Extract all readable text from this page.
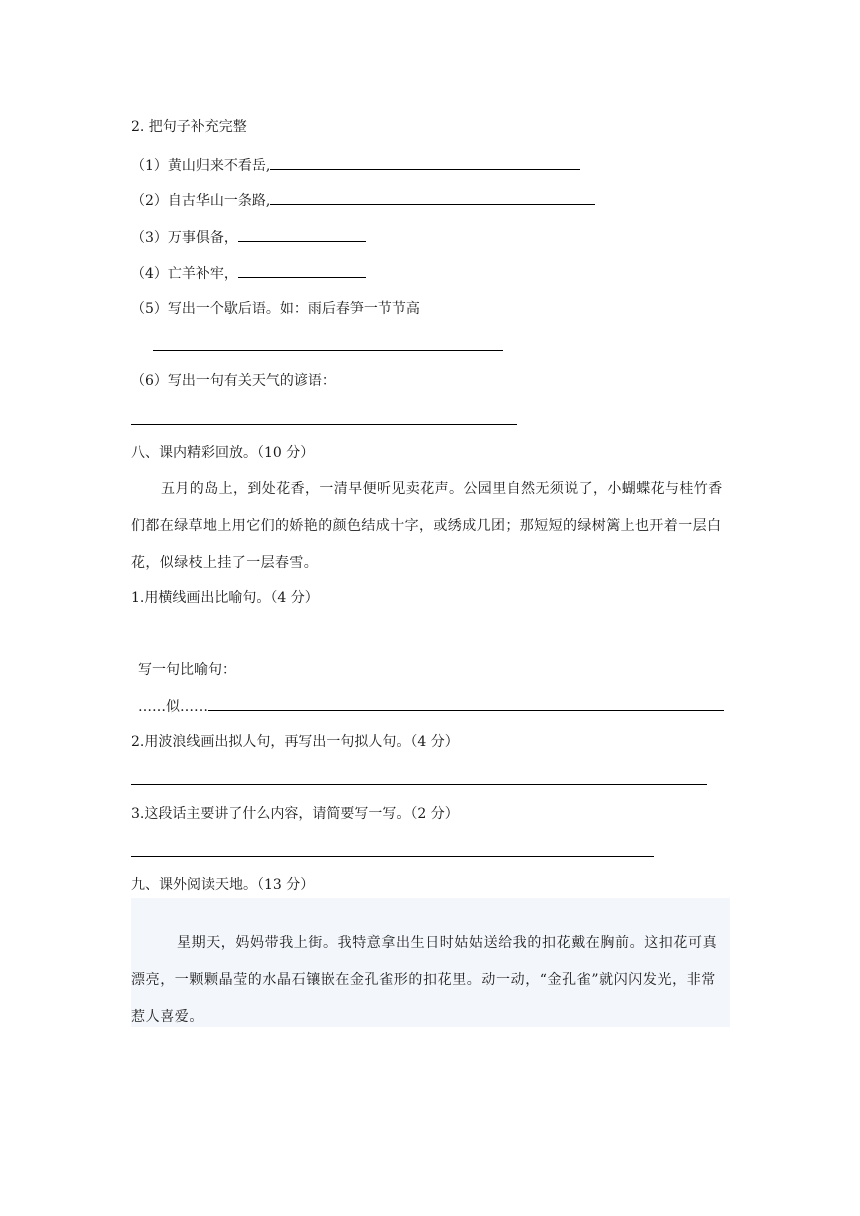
2. 把句子补充完整
（1）黄山归来不看岳,
（2）自古华山一条路,
（3）万事俱备，
（4）亡羊补牢，
（5）写出一个歇后语。如：雨后春笋一节节高
（6）写出一句有关天气的谚语：
八、课内精彩回放。（10 分）

五月的岛上，到处花香，一清早便听见卖花声。公园里自然无须说了，小蝴蝶花与桂竹香们都在绿草地上用它们的娇艳的颜色结成十字，或绣成几团；那短短的绿树篱上也开着一层白花，似绿枝上挂了一层春雪。

1.用横线画出比喻句。（4 分）
写一句比喻句：
……似……
2.用波浪线画出拟人句，再写出一句拟人句。（4 分）
3.这段话主要讲了什么内容，请简要写一写。（2 分）
九、课外阅读天地。（13 分）

星期天，妈妈带我上街。我特意拿出生日时姑姑送给我的扣花戴在胸前。这扣花可真漂亮，一颗颗晶莹的水晶石镶嵌在金孔雀形的扣花里。动一动，“金孔雀”就闪闪发光，非常惹人喜爱。
